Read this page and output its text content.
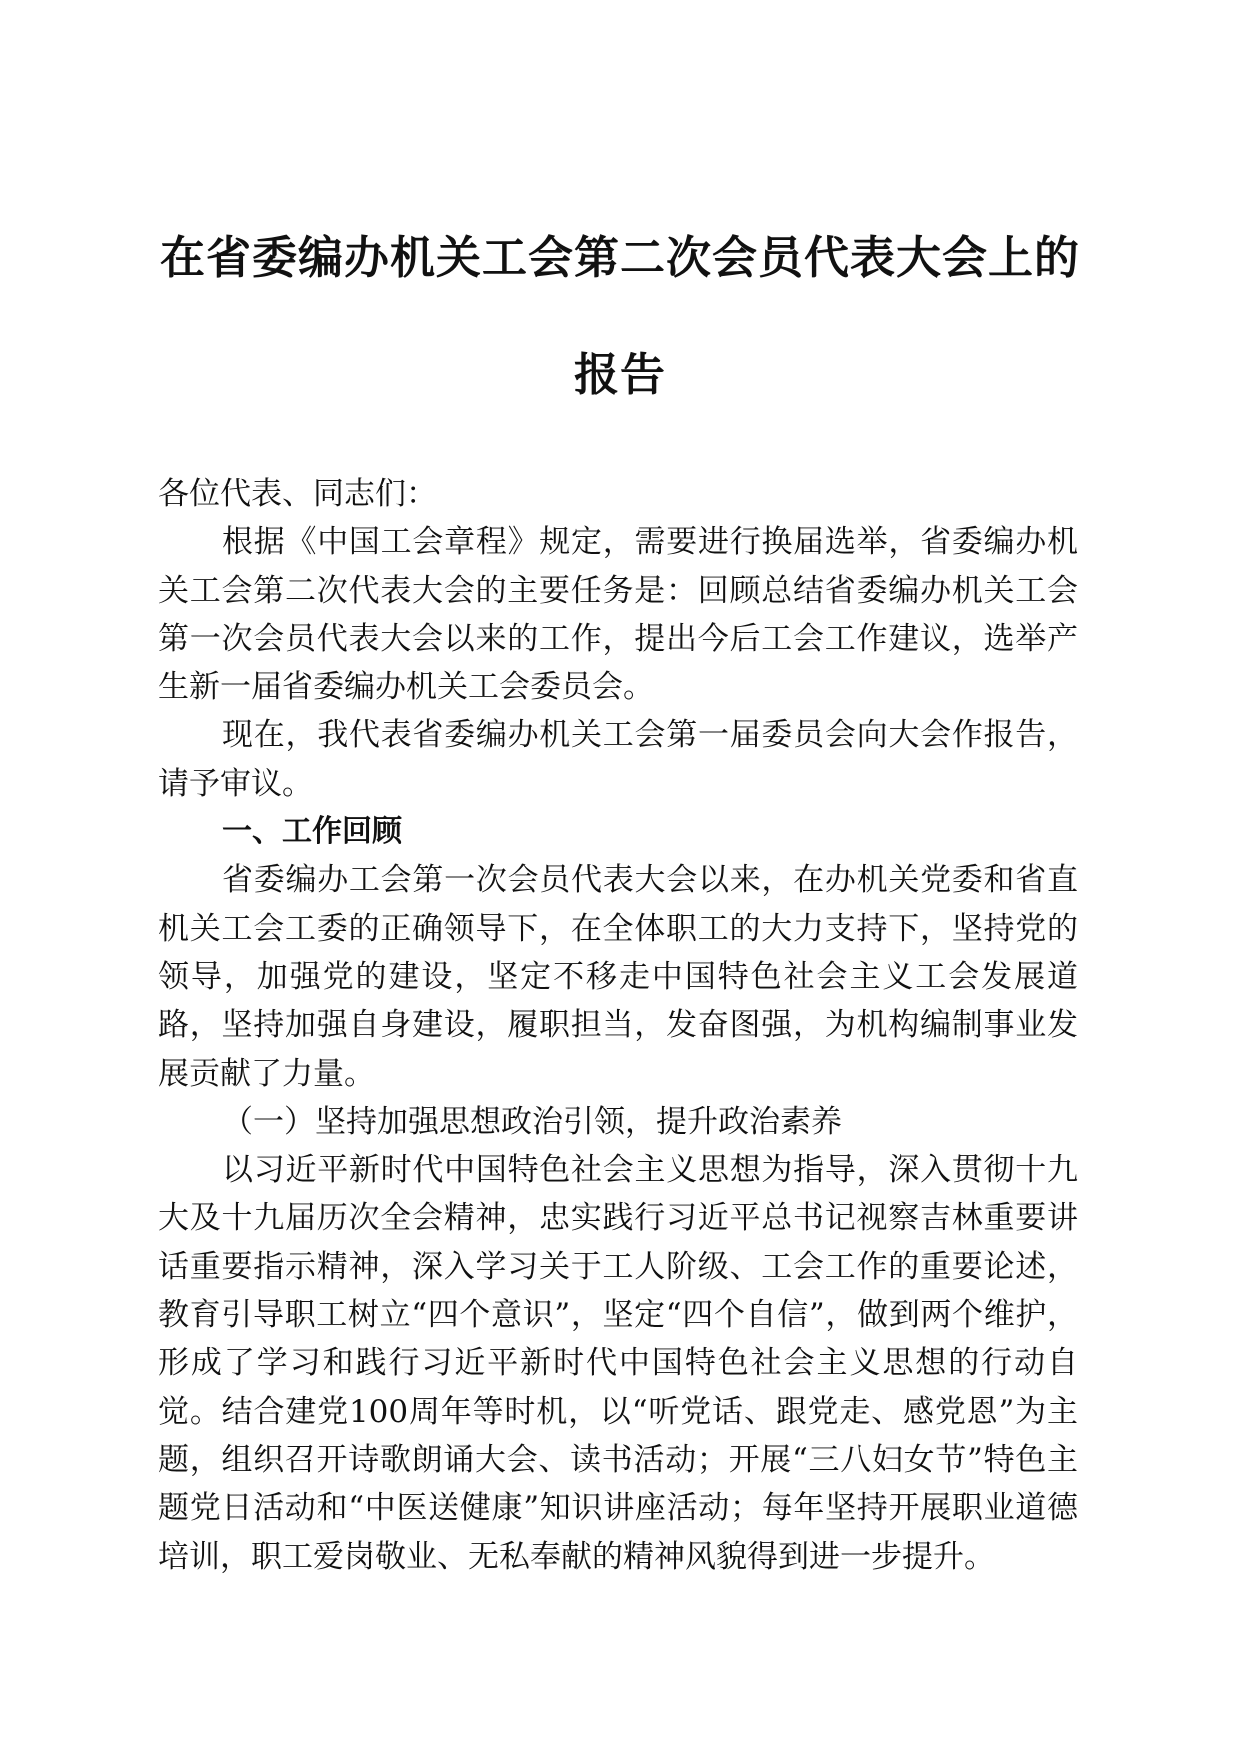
在省委编办机关工会第二次会员代表大会上的
报告

各位代表、同志们：

根据《中国工会章程》规定，需要进行换届选举，省委编办机关工会第二次代表大会的主要任务是：回顾总结省委编办机关工会第一次会员代表大会以来的工作，提出今后工会工作建议，选举产生新一届省委编办机关工会委员会。

现在，我代表省委编办机关工会第一届委员会向大会作报告，请予审议。

一、工作回顾

省委编办工会第一次会员代表大会以来，在办机关党委和省直机关工会工委的正确领导下，在全体职工的大力支持下，坚持党的领导，加强党的建设，坚定不移走中国特色社会主义工会发展道路，坚持加强自身建设，履职担当，发奋图强，为机构编制事业发展贡献了力量。

（一）坚持加强思想政治引领，提升政治素养

以习近平新时代中国特色社会主义思想为指导，深入贯彻十九大及十九届历次全会精神，忠实践行习近平总书记视察吉林重要讲话重要指示精神，深入学习关于工人阶级、工会工作的重要论述，教育引导职工树立“四个意识”，坚定“四个自信”，做到两个维护，形成了学习和践行习近平新时代中国特色社会主义思想的行动自觉。结合建党100周年等时机，以“听党话、跟党走、感党恩”为主题，组织召开诗歌朗诵大会、读书活动；开展“三八妇女节”特色主题党日活动和“中医送健康”知识讲座活动；每年坚持开展职业道德培训，职工爱岗敬业、无私奉献的精神风貌得到进一步提升。
